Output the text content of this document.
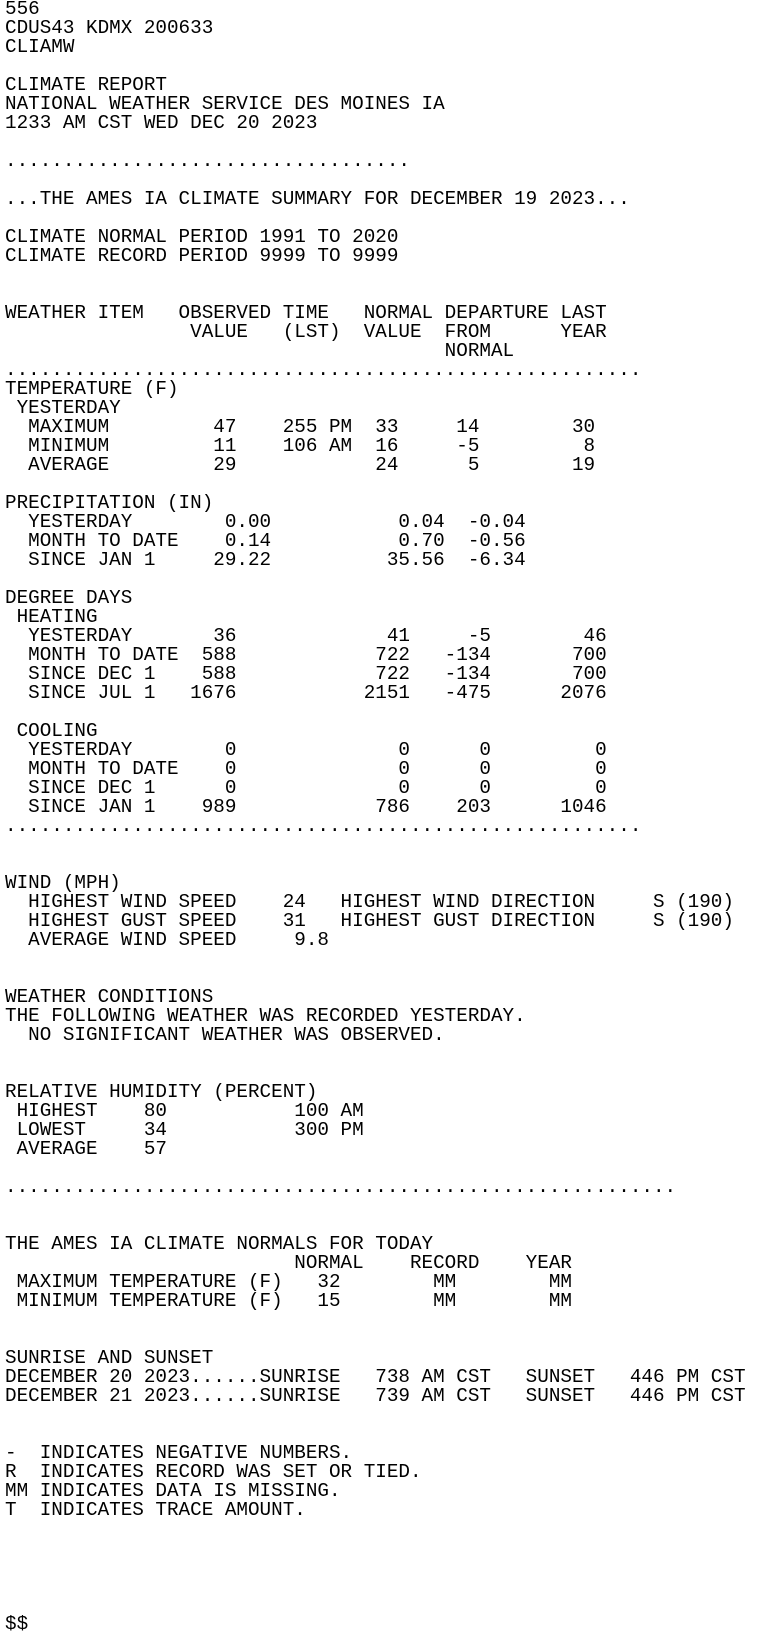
556
CDUS43 KDMX 200633
CLIAMW
CLIMATE REPORT
NATIONAL WEATHER SERVICE DES MOINES IA
1233 AM CST WED DEC 20 2023
...................................
...THE AMES IA CLIMATE SUMMARY FOR DECEMBER 19 2023...
CLIMATE NORMAL PERIOD 1991 TO 2020
CLIMATE RECORD PERIOD 9999 TO 9999
WEATHER ITEM   OBSERVED TIME   NORMAL DEPARTURE LAST
VALUE   (LST)  VALUE  FROM      YEAR
NORMAL
.......................................................
TEMPERATURE (F)
YESTERDAY
MAXIMUM         47    255 PM  33     14        30
MINIMUM         11    106 AM  16     -5         8
AVERAGE         29            24      5        19
PRECIPITATION (IN)
YESTERDAY        0.00           0.04  -0.04
MONTH TO DATE    0.14           0.70  -0.56
SINCE JAN 1     29.22          35.56  -6.34
DEGREE DAYS
HEATING
YESTERDAY       36             41     -5        46
MONTH TO DATE  588            722   -134       700
SINCE DEC 1    588            722   -134       700
SINCE JUL 1   1676           2151   -475      2076
COOLING
YESTERDAY        0              0      0         0
MONTH TO DATE    0              0      0         0
SINCE DEC 1      0              0      0         0
SINCE JAN 1    989            786    203      1046
.......................................................
WIND (MPH)
HIGHEST WIND SPEED    24   HIGHEST WIND DIRECTION     S (190)
HIGHEST GUST SPEED    31   HIGHEST GUST DIRECTION     S (190)
AVERAGE WIND SPEED     9.8
WEATHER CONDITIONS
THE FOLLOWING WEATHER WAS RECORDED YESTERDAY.
NO SIGNIFICANT WEATHER WAS OBSERVED.
RELATIVE HUMIDITY (PERCENT)
HIGHEST    80           100 AM
LOWEST     34           300 PM
AVERAGE    57
..........................................................
THE AMES IA CLIMATE NORMALS FOR TODAY
NORMAL    RECORD    YEAR
MAXIMUM TEMPERATURE (F)   32        MM        MM
MINIMUM TEMPERATURE (F)   15        MM        MM
SUNRISE AND SUNSET
DECEMBER 20 2023......SUNRISE   738 AM CST   SUNSET   446 PM CST
DECEMBER 21 2023......SUNRISE   739 AM CST   SUNSET   446 PM CST
-  INDICATES NEGATIVE NUMBERS.
R  INDICATES RECORD WAS SET OR TIED.
MM INDICATES DATA IS MISSING.
T  INDICATES TRACE AMOUNT.
$$
